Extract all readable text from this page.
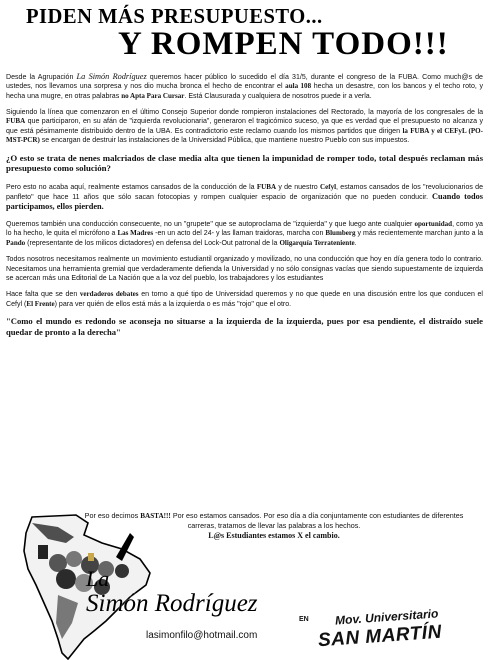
PIDEN MÁS PRESUPUESTO...
Y ROMPEN TODO!!!

Desde la Agrupación La Simón Rodríguez queremos hacer público lo sucedido el día 31/5, durante el congreso de la FUBA. Como much@s de ustedes, nos llevamos una sorpresa y nos dio mucha bronca el hecho de encontrar el aula 108 hecha un desastre, con los bancos y el techo roto, y hecha una mugre, en otras palabras no Apta Para Cursar. Está Clausurada y cualquiera de nosotros puede ir a verla.

Siguiendo la línea que comenzaron en el último Consejo Superior donde rompieron instalaciones del Rectorado, la mayoría de los congresales de la FUBA que participaron, en su afán de "izquierda revolucionaria", generaron el tragicómico suceso, ya que es verdad que el presupuesto no alcanza y que está pésimamente distribuido dentro de la UBA. Es contradictorio este reclamo cuando los mismos partidos que dirigen la FUBA y el CEFyL (PO-MST-PCR) se encargan de destruir las instalaciones de la Universidad Pública, que mantiene nuestro Pueblo con sus impuestos.

¿O esto se trata de nenes malcriados de clase media alta que tienen la impunidad de romper todo, total después reclaman más presupuesto como solución?

Pero esto no acaba aquí, realmente estamos cansados de la conducción de la FUBA y de nuestro Cefyl, estamos cansados de los "revolucionarios de panfleto" que hace 11 años que sólo sacan fotocopias y rompen cualquier espacio de organización que no pueden conducir. Cuando todos participamos, ellos pierden.

Queremos también una conducción consecuente, no un "grupete" que se autoproclama de "izquierda" y que luego ante cualquier oportunidad, como ya lo ha hecho, le quita el micrófono a Las Madres -en un acto del 24- y las llaman traidoras, marcha con Blumberg y más recientemente marchan junto a la Pando (representante de los milicos dictadores) en defensa del Lock-Out patronal de la Oligarquía Terrateniente.

Todos nosotros necesitamos realmente un movimiento estudiantil organizado y movilizado, no una conducción que hoy en día genera todo lo contrario. Necesitamos una herramienta gremial que verdaderamente defienda la Universidad y no sólo consignas vacías que siendo supuestamente de izquierda se acercan más una Editorial de La Nación que a la voz del pueblo, los trabajadores y los estudiantes

Hace falta que se den verdaderos debates en torno a qué tipo de Universidad queremos y no que quede en una discusión entre los que conducen el Cefyl (El Frente) para ver quién de ellos está más a la izquierda o es más "rojo" que el otro.

"Como el mundo es redondo se aconseja no situarse a la izquierda de la izquierda, pues por esa pendiente, el distraído suele quedar de pronto a la derecha"

Por eso decimos BASTA!!! Por eso estamos cansados. Por eso día a día conjuntamente con estudiantes de diferentes carreras, tratamos de llevar las palabras a los hechos.
L@s Estudiantes estamos X el cambio.
La
Simón Rodríguez
EN
lasimonfilo@hotmail.com
Mov. Universitario
SAN MARTÍN
